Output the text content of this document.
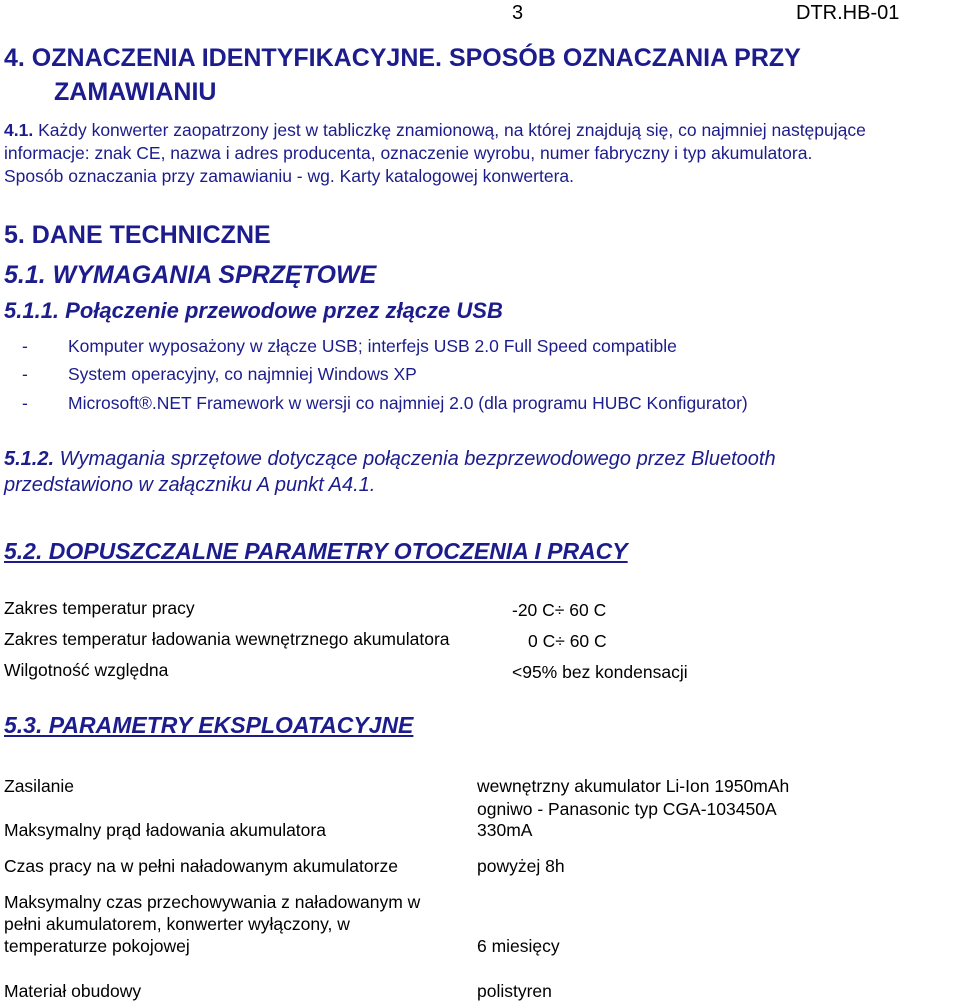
3	DTR.HB-01
4. OZNACZENIA IDENTYFIKACYJNE. SPOSÓB OZNACZANIA PRZY
ZAMAWIANIU
4.1. Każdy konwerter zaopatrzony jest w tabliczkę znamionową, na której znajdują się, co najmniej następujące
informacje: znak CE, nazwa i adres producenta, oznaczenie wyrobu, numer fabryczny i typ akumulatora.
Sposób oznaczania przy zamawianiu - wg. Karty katalogowej konwertera.
5. DANE TECHNICZNE
5.1. WYMAGANIA SPRZĘTOWE
5.1.1. Połączenie przewodowe przez złącze USB
- Komputer wyposażony w złącze USB; interfejs USB 2.0 Full Speed compatible
- System operacyjny, co najmniej Windows XP
- Microsoft®.NET Framework w wersji co najmniej 2.0 (dla programu HUBC Konfigurator)
5.1.2. Wymagania sprzętowe dotyczące połączenia bezprzewodowego przez Bluetooth
przedstawiono w załączniku A punkt A4.1.
5.2. DOPUSZCZALNE PARAMETRY OTOCZENIA I PRACY
Zakres temperatur pracy	-20 C÷ 60 C
Zakres temperatur ładowania wewnętrznego akumulatora	0 C÷ 60 C
Wilgotność względna	<95% bez kondensacji
5.3. PARAMETRY EKSPLOATACYJNE
Zasilanie	wewnętrzny akumulator Li-Ion 1950mAh
ogniwo - Panasonic typ CGA-103450A
Maksymalny prąd ładowania akumulatora	330mA
Czas pracy na w pełni naładowanym akumulatorze	powyżej 8h
Maksymalny czas przechowywania z naładowanym w
pełni akumulatorem, konwerter wyłączony, w
temperaturze pokojowej	6 miesięcy
Materiał obudowy	polistyren
